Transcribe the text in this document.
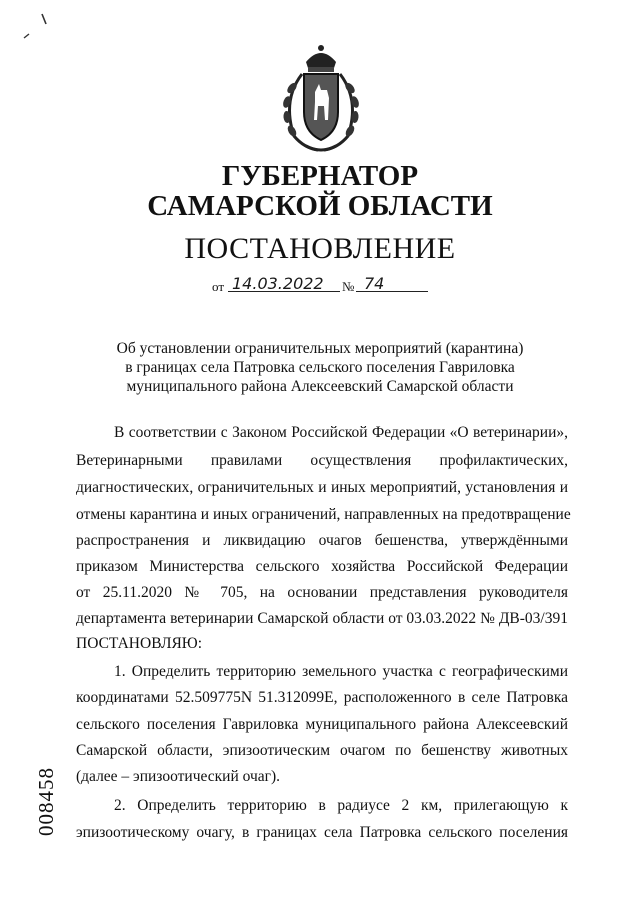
ГУБЕРНАТОР
САМАРСКОЙ ОБЛАСТИ
ПОСТАНОВЛЕНИЕ
от 14.03.2022 № 74
Об установлении ограничительных мероприятий (карантина)
в границах села Патровка сельского поселения Гавриловка
муниципального района Алексеевский Самарской области
В соответствии с Законом Российской Федерации «О ветеринарии»,
Ветеринарными правилами осуществления профилактических,
диагностических, ограничительных и иных мероприятий, установления и
отмены карантина и иных ограничений, направленных на предотвращение
распространения и ликвидацию очагов бешенства, утверждёнными
приказом Министерства сельского хозяйства Российской Федерации
от 25.11.2020 № 705, на основании представления руководителя
департамента ветеринарии Самарской области от 03.03.2022 № ДВ-03/391
ПОСТАНОВЛЯЮ:
1. Определить территорию земельного участка с географическими
координатами 52.509775N 51.312099E, расположенного в селе Патровка
сельского поселения Гавриловка муниципального района Алексеевский
Самарской области, эпизоотическим очагом по бешенству животных
(далее – эпизоотический очаг).
2. Определить территорию в радиусе 2 км, прилегающую к
эпизоотическому очагу, в границах села Патровка сельского поселения
008458
